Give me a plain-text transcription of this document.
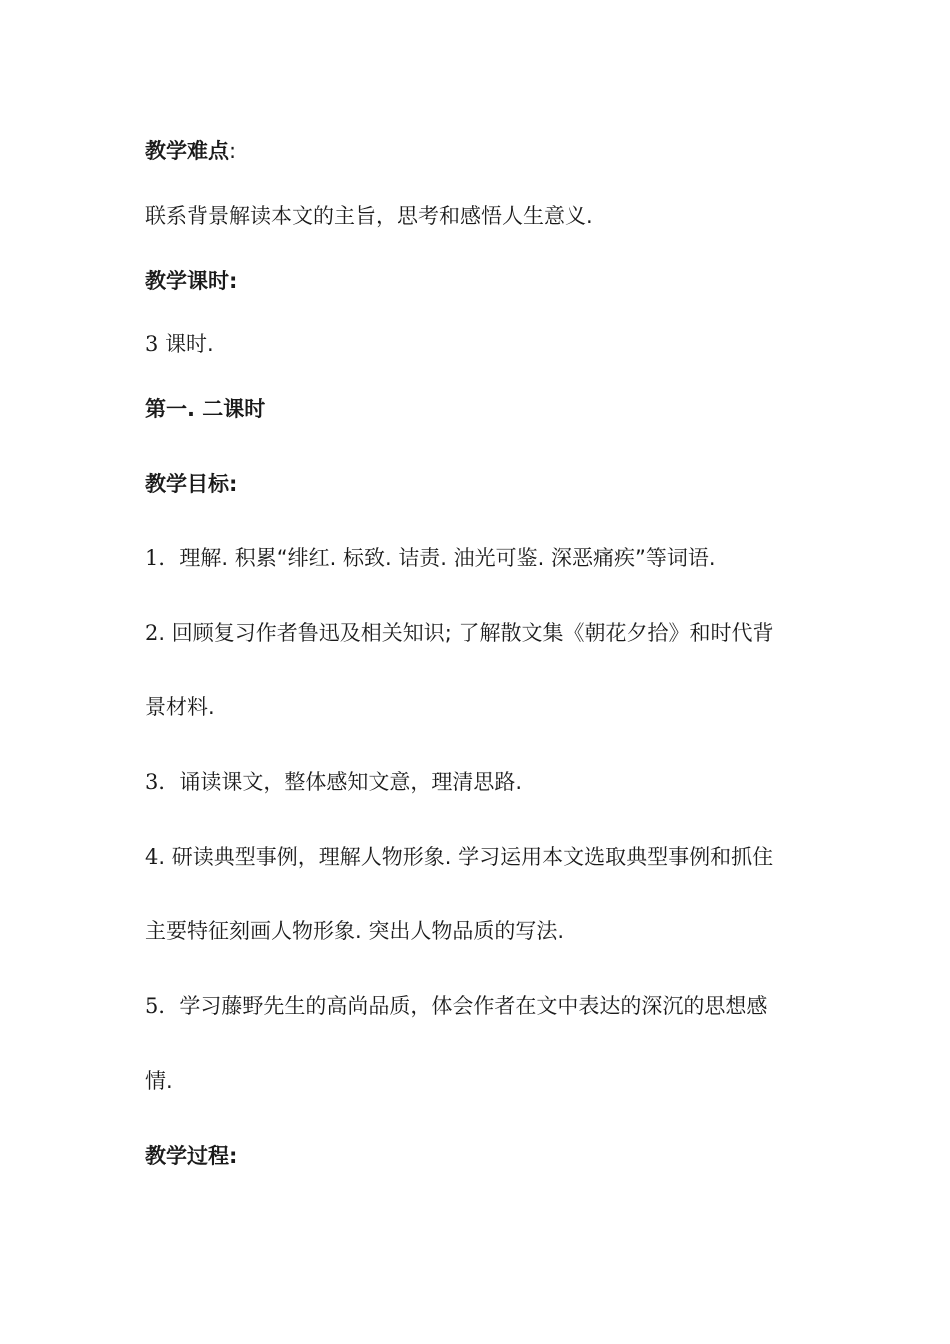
教学难点:
联系背景解读本文的主旨，思考和感悟人生意义.
教学课时:
3 课时.
第一. 二课时
教学目标:
1．理解. 积累“绯红. 标致. 诘责. 油光可鉴. 深恶痛疾”等词语.
2. 回顾复习作者鲁迅及相关知识; 了解散文集《朝花夕拾》和时代背
景材料.
3．诵读课文，整体感知文意，理清思路.
4. 研读典型事例，理解人物形象. 学习运用本文选取典型事例和抓住
主要特征刻画人物形象. 突出人物品质的写法.
5．学习藤野先生的高尚品质，体会作者在文中表达的深沉的思想感
情.
教学过程:
